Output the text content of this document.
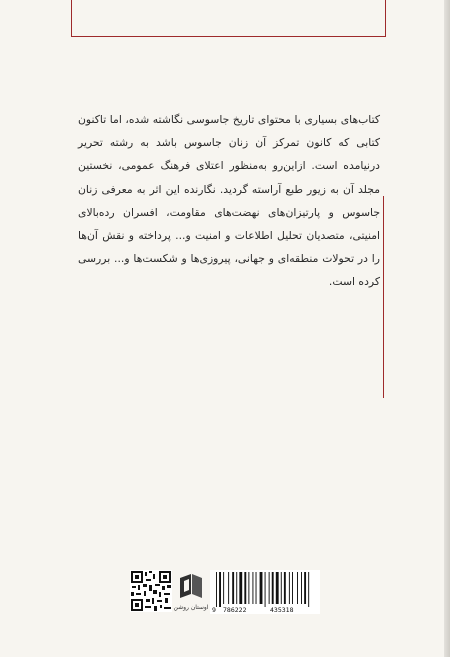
کتاب‌های بسیاری با محتوای تاریخ جاسوسی نگاشته شده، اما تاکنون کتابی که کانون تمرکز آن زنان جاسوس باشد به رشته تحریر درنیامده است. ازاین‌رو به‌منظور اعتلای فرهنگ عمومی، نخستین مجلد آن به زیور طبع آراسته گردید. نگارنده این اثر به معرفی زنان جاسوس و پارتیزان‌های نهضت‌های مقاومت، افسران رده‌بالای امنیتی، متصدیان تحلیل اطلاعات و امنیت و... پرداخته و نقش آن‌ها را در تحولات منطقه‌ای و جهانی، پیروزی‌ها و شکست‌ها و... بررسی کرده است.

اوستان روشن 9 786222	435318
